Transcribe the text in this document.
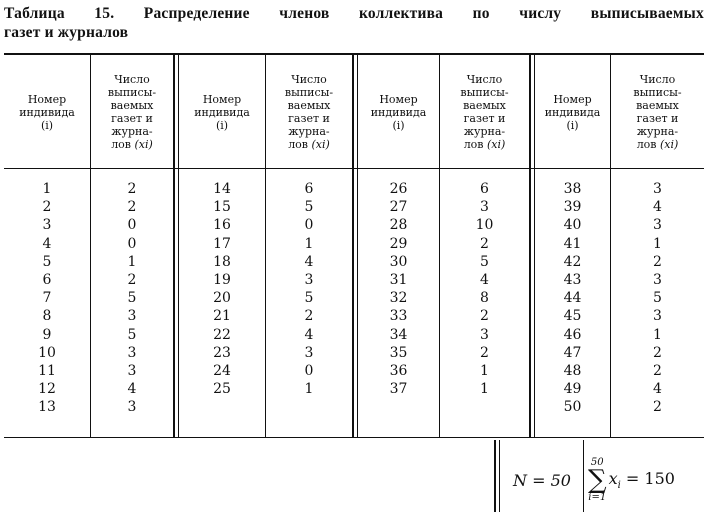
Таблица 15. Распределение членов коллектива по числу выписываемых
газет и журналов
Номер
индивида
(i)
Число
выписы-
ваемых
газет и
журна-
лов (xi)
Номер
индивида
(i)
Число
выписы-
ваемых
газет и
журна-
лов (xi)
Номер
индивида
(i)
Число
выписы-
ваемых
газет и
журна-
лов (xi)
Номер
индивида
(i)
Число
выписы-
ваемых
газет и
журна-
лов (xi)
1
2
3
4
5
6
7
8
9
10
11
12
13
2
2
0
0
1
2
5
3
5
3
3
4
3
14
15
16
17
18
19
20
21
22
23
24
25
6
5
0
1
4
3
5
2
4
3
0
1
26
27
28
29
30
31
32
33
34
35
36
37
6
3
10
2
5
4
8
2
3
2
1
1
38
39
40
41
42
43
44
45
46
47
48
49
50
3
4
3
1
2
3
5
3
1
2
2
4
2
N = 50
50
∑
i=1
$x_i = 150$
